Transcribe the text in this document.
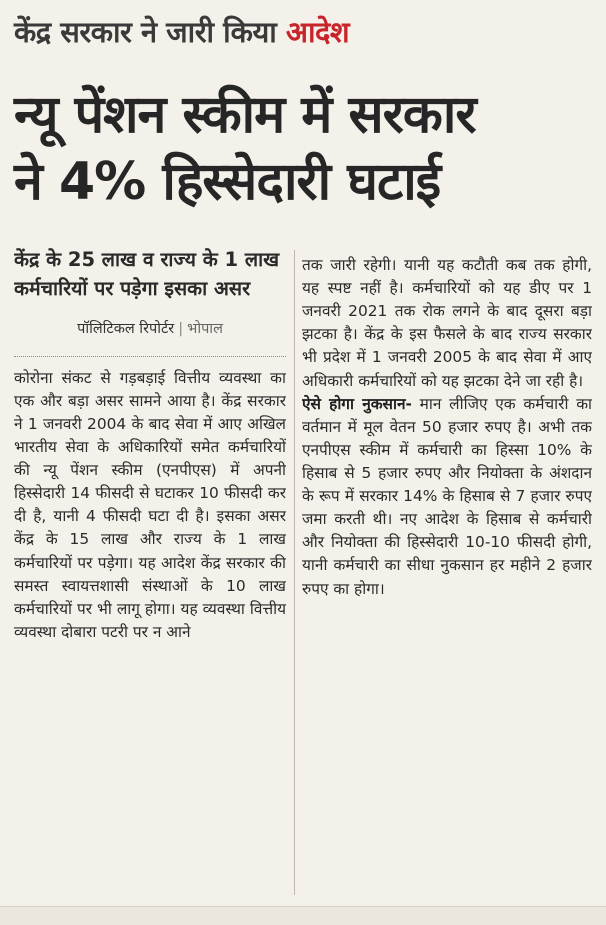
केंद्र सरकार ने जारी किया आदेश
न्यू पेंशन स्कीम में सरकार
ने 4% हिस्सेदारी घटाई

केंद्र के 25 लाख व राज्य के 1 लाख कर्मचारियों पर पड़ेगा इसका असर

पॉलिटिकल रिपोर्टर | भोपाल

कोरोना संकट से गड़बड़ाई वित्तीय व्यवस्था का एक और बड़ा असर सामने आया है। केंद्र सरकार ने 1 जनवरी 2004 के बाद सेवा में आए अखिल भारतीय सेवा के अधिकारियों समेत कर्मचारियों की न्यू पेंशन स्कीम (एनपीएस) में अपनी हिस्सेदारी 14 फीसदी से घटाकर 10 फीसदी कर दी है, यानी 4 फीसदी घटा दी है। इसका असर केंद्र के 15 लाख और राज्य के 1 लाख कर्मचारियों पर पड़ेगा। यह आदेश केंद्र सरकार की समस्त स्वायत्तशासी संस्थाओं के 10 लाख कर्मचारियों पर भी लागू होगा। यह व्यवस्था वित्तीय व्यवस्था दोबारा पटरी पर न आने

तक जारी रहेगी। यानी यह कटौती कब तक होगी, यह स्पष्ट नहीं है। कर्मचारियों को यह डीए पर 1 जनवरी 2021 तक रोक लगने के बाद दूसरा बड़ा झटका है। केंद्र के इस फैसले के बाद राज्य सरकार भी प्रदेश में 1 जनवरी 2005 के बाद सेवा में आए अधिकारी कर्मचारियों को यह झटका देने जा रही है।

ऐसे होगा नुकसान- मान लीजिए एक कर्मचारी का वर्तमान में मूल वेतन 50 हजार रुपए है। अभी तक एनपीएस स्कीम में कर्मचारी का हिस्सा 10% के हिसाब से 5 हजार रुपए और नियोक्ता के अंशदान के रूप में सरकार 14% के हिसाब से 7 हजार रुपए जमा करती थी। नए आदेश के हिसाब से कर्मचारी और नियोक्ता की हिस्सेदारी 10-10 फीसदी होगी, यानी कर्मचारी का सीधा नुकसान हर महीने 2 हजार रुपए का होगा।
